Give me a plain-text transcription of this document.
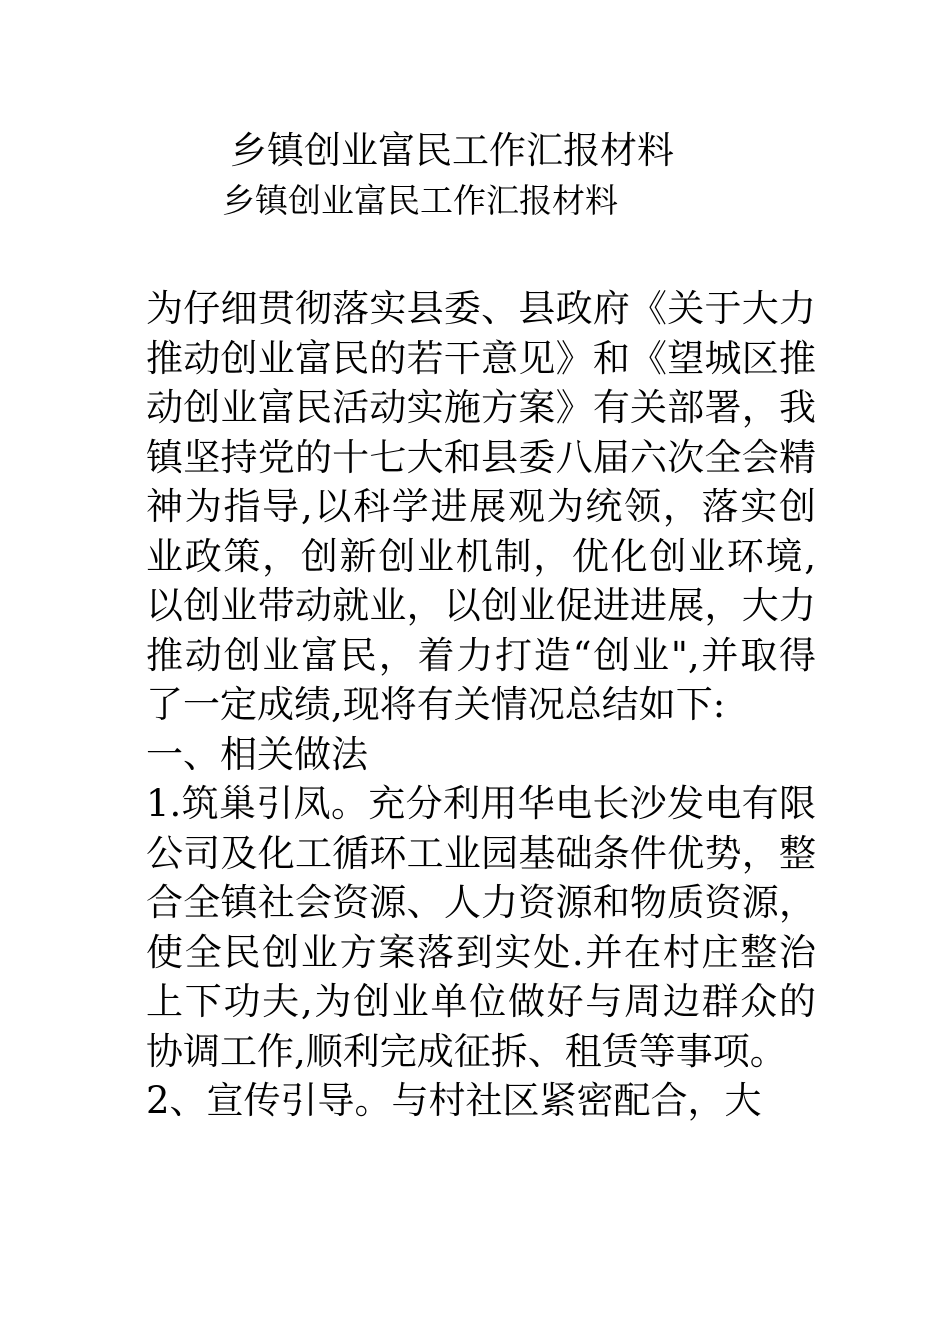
乡镇创业富民工作汇报材料
乡镇创业富民工作汇报材料

为仔细贯彻落实县委、县政府《关于大力推动创业富民的若干意见》和《望城区推动创业富民活动实施方案》有关部署，我镇坚持党的十七大和县委八届六次全会精神为指导,以科学进展观为统领，落实创业政策，创新创业机制，优化创业环境,以创业带动就业，以创业促进进展，大力推动创业富民，着力打造“创业",并取得了一定成绩,现将有关情况总结如下:

一、相关做法

1.筑巢引凤。充分利用华电长沙发电有限公司及化工循环工业园基础条件优势，整合全镇社会资源、人力资源和物质资源，使全民创业方案落到实处.并在村庄整治上下功夫,为创业单位做好与周边群众的协调工作,顺利完成征拆、租赁等事项。

2、宣传引导。与村社区紧密配合，大
